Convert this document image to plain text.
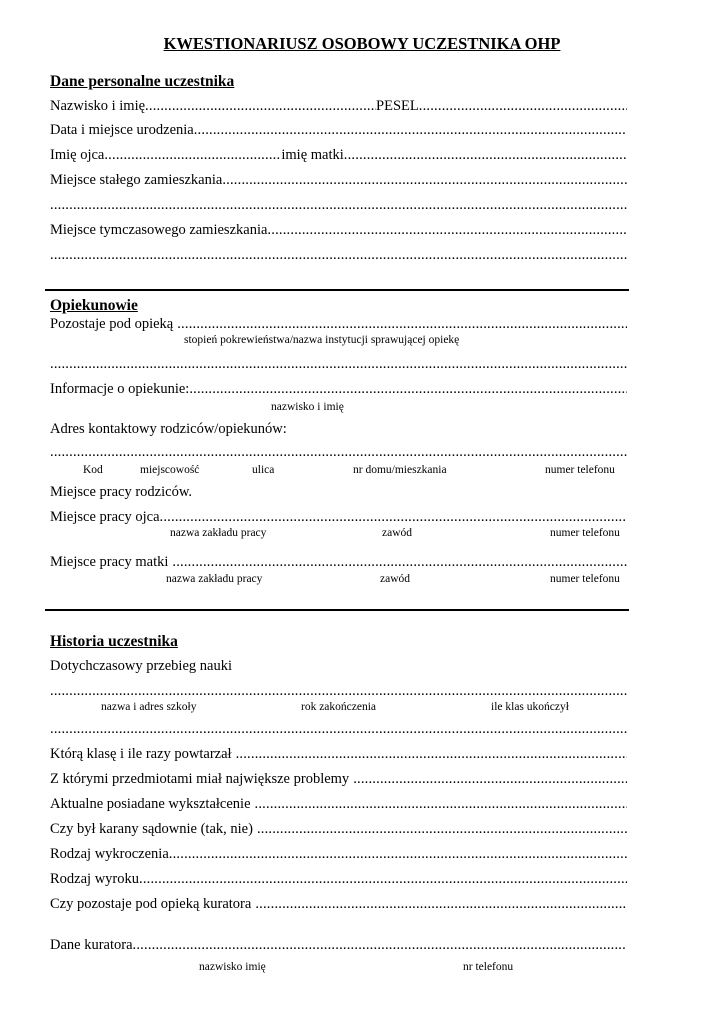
KWESTIONARIUSZ OSOBOWY UCZESTNIKA OHP
Dane personalne uczestnika
Nazwisko i imię .....	PESEL
.....
Data i miejsce urodzenia
.....
Imię ojca .....	imię matki
.....
Miejsce stałego zamieszkania
.....
.....
Miejsce tymczasowego zamieszkania
.....
.....
Opiekunowie
Pozostaje pod opieką
.....
stopień pokrewieństwa/nazwa instytucji sprawującej opiekę
.....
Informacje o opiekunie:
.....
nazwisko i imię
Adres kontaktowy rodziców/opiekunów:
.....
Kod	miejscowość	ulica	nr domu/mieszkania	numer telefonu
Miejsce pracy rodziców.
Miejsce pracy ojca
.....
nazwa zakładu pracy	zawód	numer telefonu
Miejsce pracy matki
.....
nazwa zakładu pracy	zawód	numer telefonu
Historia uczestnika
Dotychczasowy przebieg nauki
.....
nazwa i adres szkoły	rok zakończenia	ile klas ukończył
.....
Którą klasę i ile razy powtarzał
.....
Z którymi przedmiotami miał największe problemy
.....
Aktualne posiadane wykształcenie
.....
Czy był karany sądownie (tak, nie)
.....
Rodzaj wykroczenia
.....
Rodzaj wyroku
.....
Czy pozostaje pod opieką kuratora
.....
Dane kuratora
.....
nazwisko imię	nr telefonu
